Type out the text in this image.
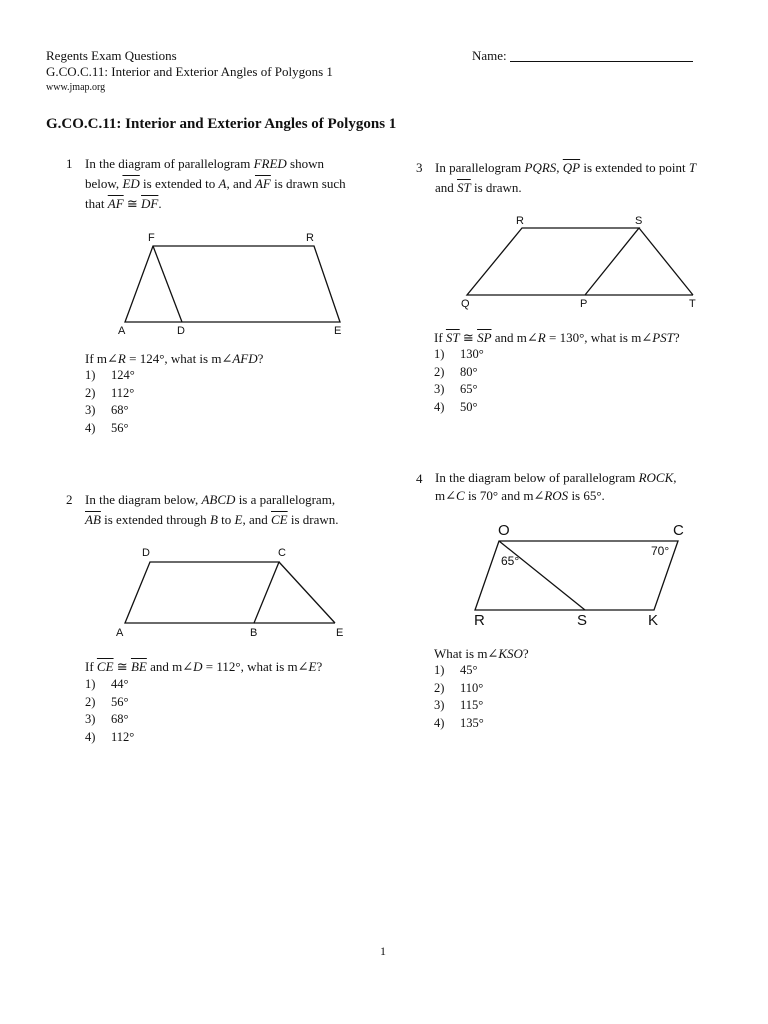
Regents Exam Questions
G.CO.C.11: Interior and Exterior Angles of Polygons 1
www.jmap.org
Name:
G.CO.C.11: Interior and Exterior Angles of Polygons 1
1 In the diagram of parallelogram FRED shown
below, $\overline{ED}$ is extended to A, and $\overline{AF}$ is drawn such
that $\overline{AF}$ ≅ $\overline{DF}$.
F	R
A	D	E
If m∠R = 124°, what is m∠AFD?
1) 124°
2) 112°
3) 68°
4) 56°
2 In the diagram below, ABCD is a parallelogram,
$\overline{AB}$ is extended through B to E, and $\overline{CE}$ is drawn.
D	C
A	B	E
If $\overline{CE}$ ≅ $\overline{BE}$ and m∠D = 112°, what is m∠E?
1) 44°
2) 56°
3) 68°
4) 112°
3 In parallelogram PQRS, $\overline{QP}$ is extended to point T
and $\overline{ST}$ is drawn.
R	S
Q	P	T
If $\overline{ST}$ ≅ $\overline{SP}$ and m∠R = 130°, what is m∠PST?
1) 130°
2) 80°
3) 65°
4) 50°
4 In the diagram below of parallelogram ROCK,
m∠C is 70° and m∠ROS is 65°.
O	C
R	S	K
70°
65°
What is m∠KSO?
1) 45°
2) 110°
3) 115°
4) 135°
1
